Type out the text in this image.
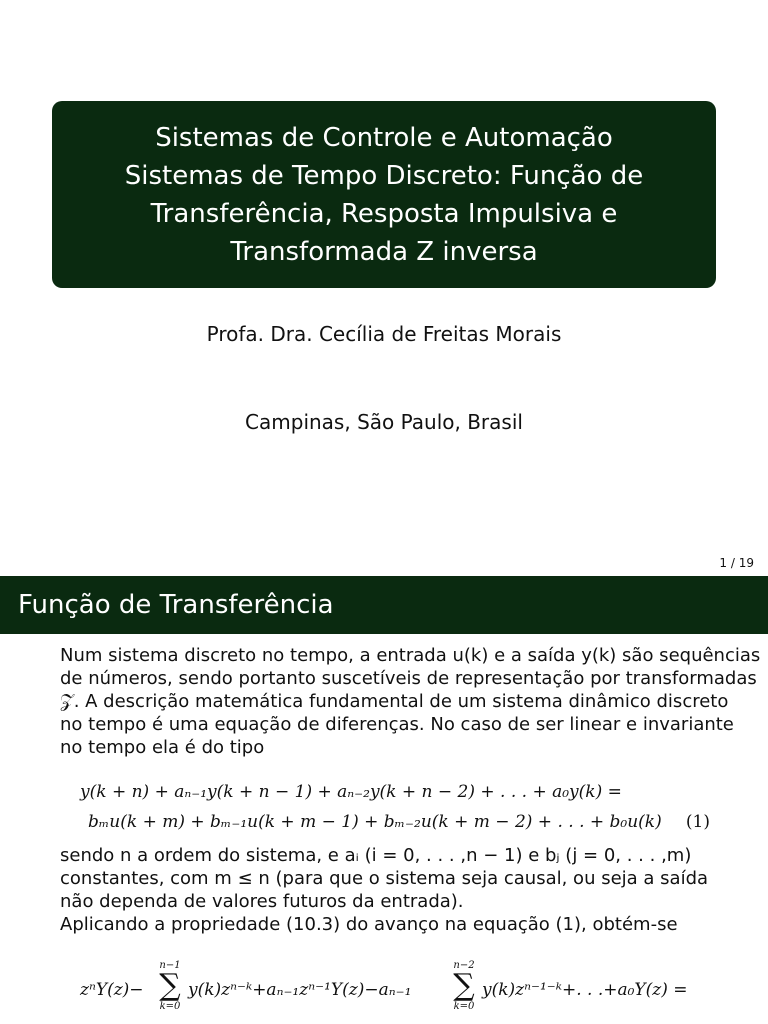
Sistemas de Controle e Automação
Sistemas de Tempo Discreto: Função de
Transferência, Resposta Impulsiva e
Transformada Z inversa
Profa. Dra. Cecília de Freitas Morais
Campinas, São Paulo, Brasil
1 / 19
Função de Transferência
Num sistema discreto no tempo, a entrada u(k) e a saída y(k) são sequências
de números, sendo portanto suscetíveis de representação por transformadas
𝒵. A descrição matemática fundamental de um sistema dinâmico discreto
no tempo é uma equação de diferenças. No caso de ser linear e invariante
no tempo ela é do tipo
y(k + n) + aₙ₋₁y(k + n − 1) + aₙ₋₂y(k + n − 2) + . . . + a₀y(k) =
bₘu(k + m) + bₘ₋₁u(k + m − 1) + bₘ₋₂u(k + m − 2) + . . . + b₀u(k) (1)
sendo n a ordem do sistema, e aᵢ (i = 0, . . . ,n − 1) e bⱼ (j = 0, . . . ,m)
constantes, com m ≤ n (para que o sistema seja causal, ou seja a saída
não dependa de valores futuros da entrada).
Aplicando a propriedade (10.3) do avanço na equação (1), obtém-se
zⁿY(z)−
n−1
∑
k=0
y(k)zⁿ⁻ᵏ+aₙ₋₁zⁿ⁻¹Y(z)−aₙ₋₁
n−2
∑
k=0
y(k)zⁿ⁻¹⁻ᵏ+. . .+a₀Y(z) =
